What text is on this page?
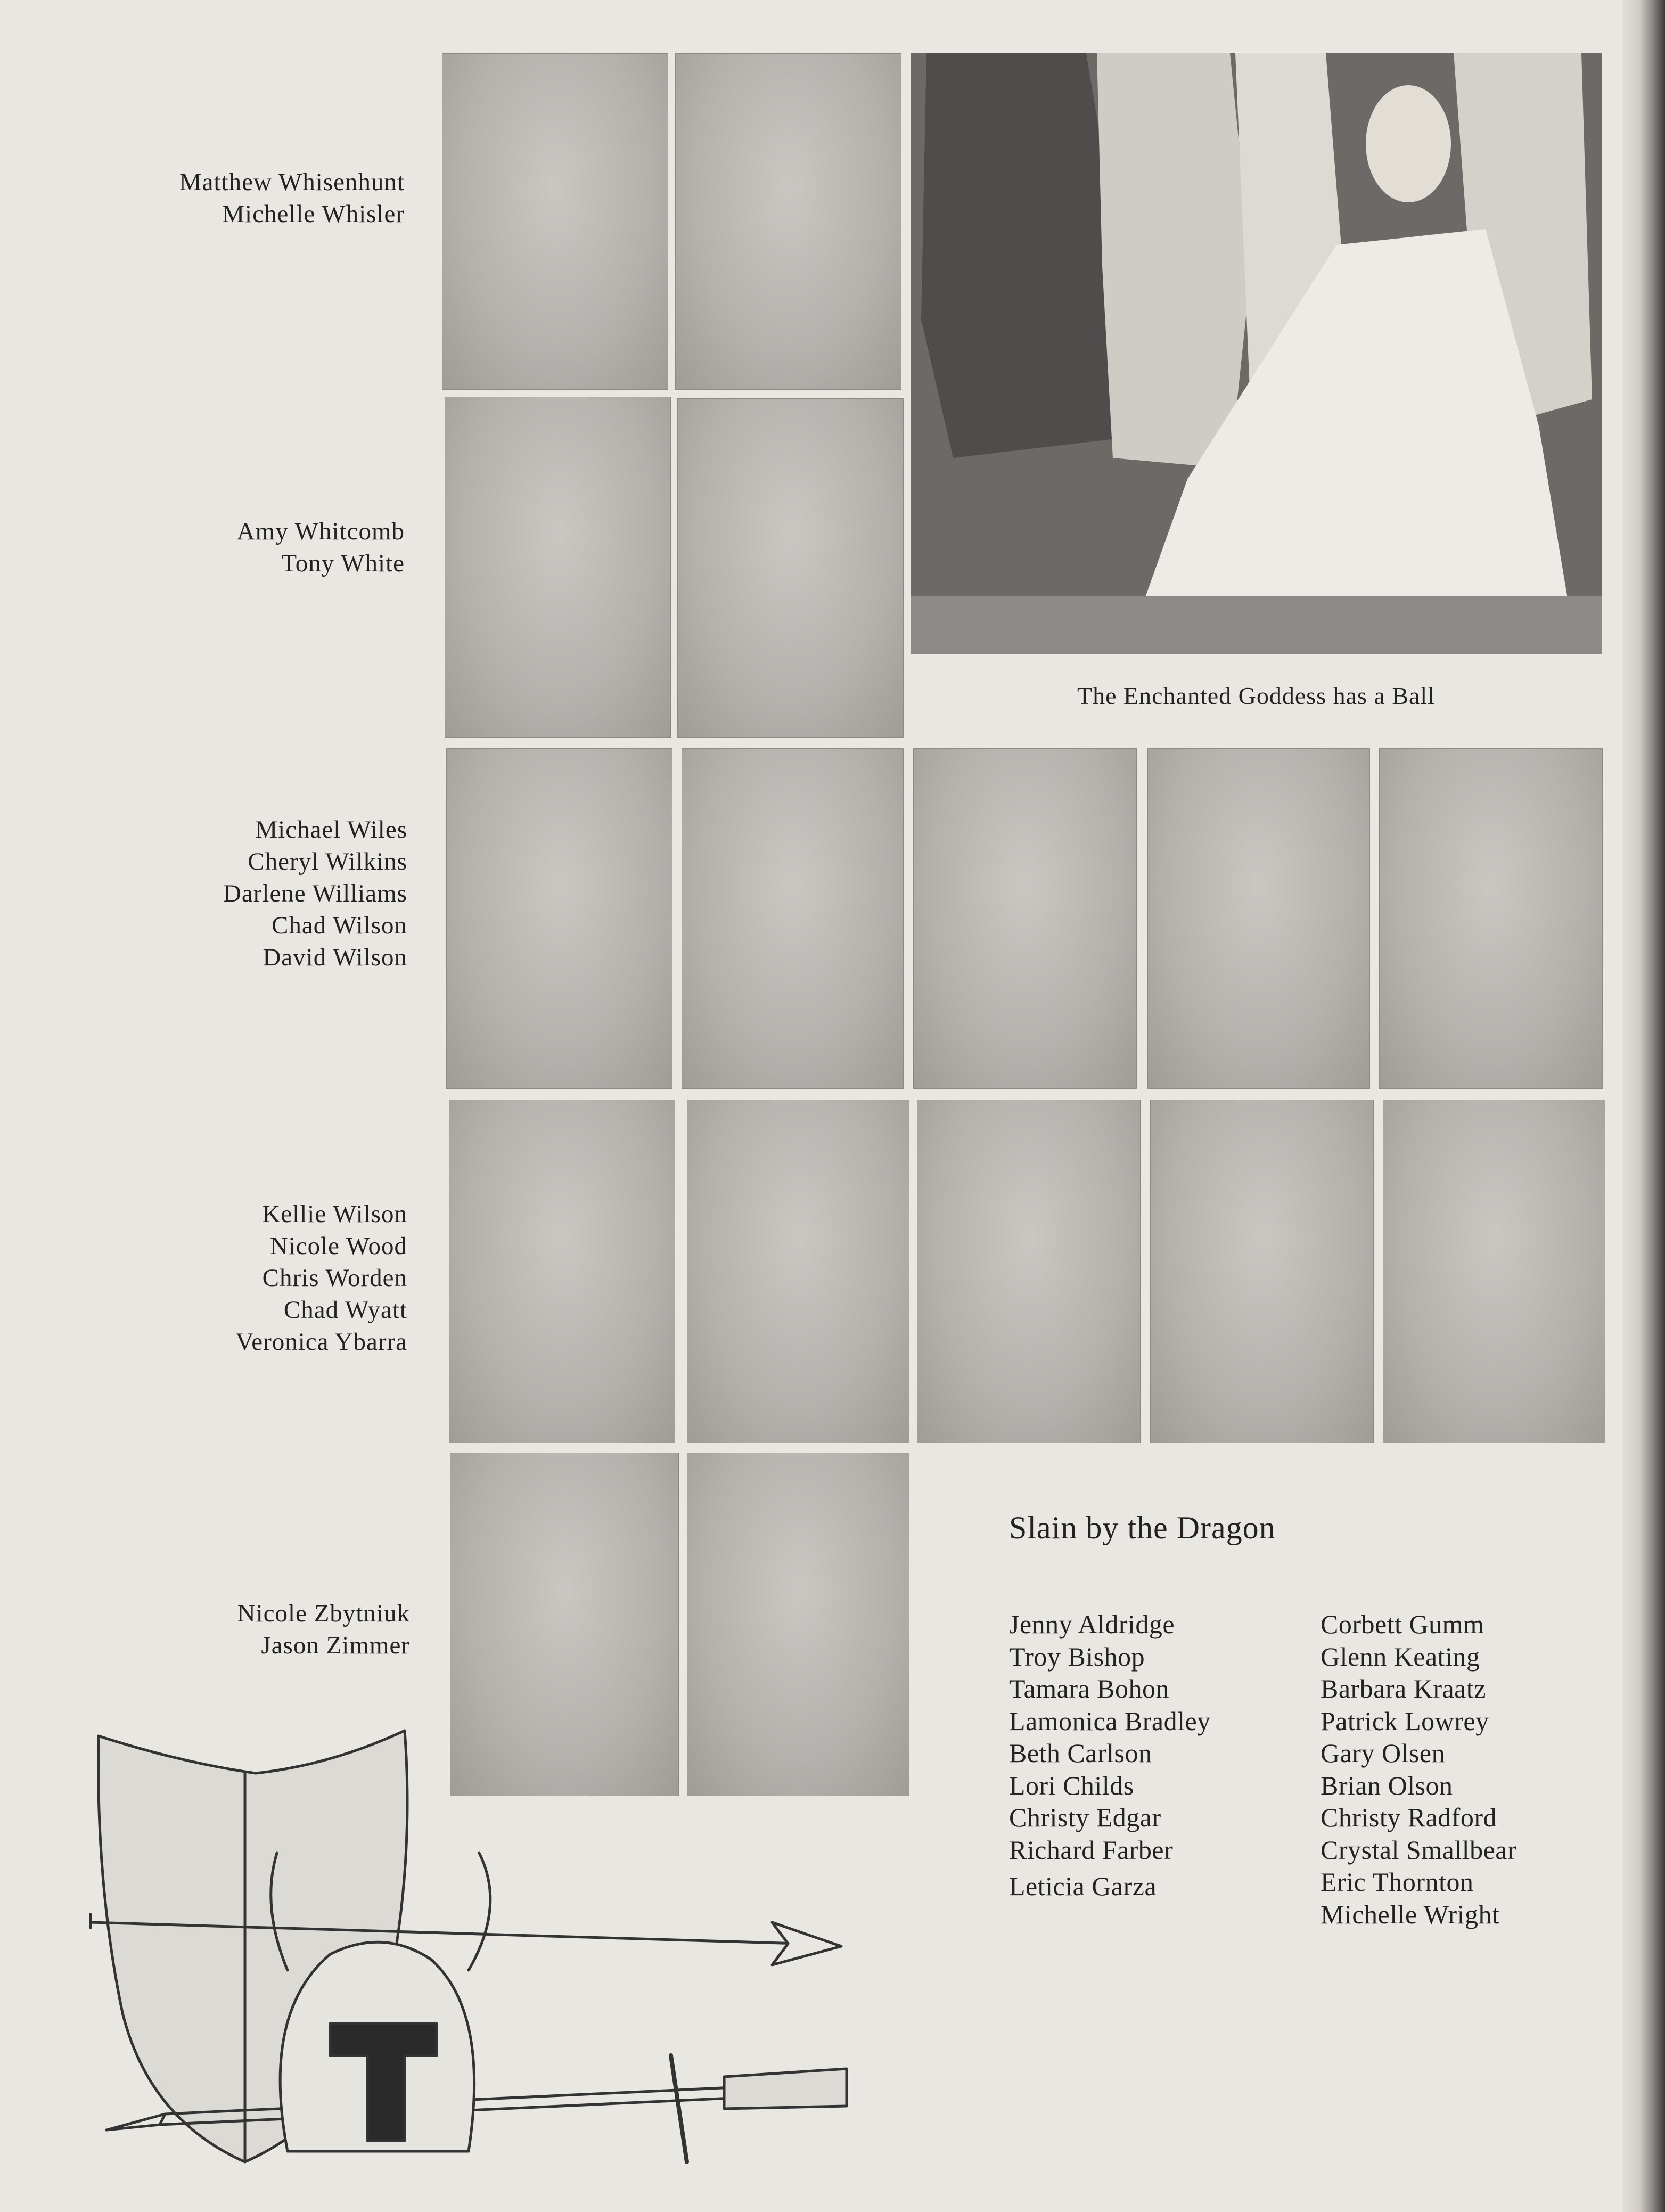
Matthew Whisenhunt
Michelle Whisler
Amy Whitcomb
Tony White
The Enchanted Goddess has a Ball
Michael Wiles
Cheryl Wilkins
Darlene Williams
Chad Wilson
David Wilson
Kellie Wilson
Nicole Wood
Chris Worden
Chad Wyatt
Veronica Ybarra
Nicole Zbytniuk
Jason Zimmer
Slain by the Dragon
Jenny Aldridge
Troy Bishop
Tamara Bohon
Lamonica Bradley
Beth Carlson
Lori Childs
Christy Edgar
Richard Farber
Leticia Garza
Corbett Gumm
Glenn Keating
Barbara Kraatz
Patrick Lowrey
Gary Olsen
Brian Olson
Christy Radford
Crystal Smallbear
Eric Thornton
Michelle Wright
